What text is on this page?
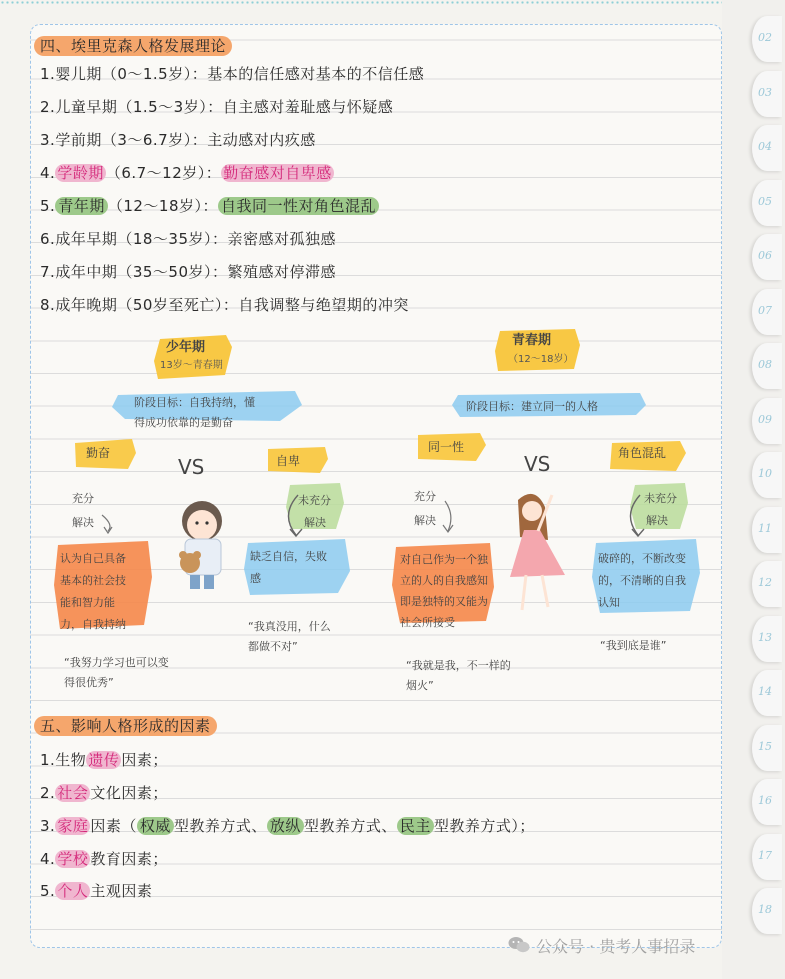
02
03
04
05
06
07
08
09
10
11
12
13
14
15
16
17
18
四、埃里克森人格发展理论
1.婴儿期（0～1.5岁）：基本的信任感对基本的不信任感
2.儿童早期（1.5～3岁）：自主感对羞耻感与怀疑感
3.学前期（3～6.7岁）：主动感对内疚感
4. 学龄期 （6.7～12岁）： 勤奋感对自卑感
5. 青年期 （12～18岁）： 自我同一性对角色混乱
6.成年早期（18～35岁）：亲密感对孤独感
7.成年中期（35～50岁）：繁殖感对停滞感
8.成年晚期（50岁至死亡）：自我调整与绝望期的冲突
少年期
13岁～青春期
阶段目标：自我持纳，懂
得成功依靠的是勤奋
勤奋
VS	自卑
充分
解决
未充分
解决
认为自己具备
基本的社会技
能和智力能
力，自我持纳
缺乏自信，失败
感
“我努力学习也可以变
得很优秀”
“我真没用，什么
都做不对”
青春期
（12～18岁）
阶段目标：建立同一的人格
同一性
VS	角色混乱
充分
解决
未充分
解决
对自己作为一个独
立的人的自我感知
即是独特的又能为
社会所接受
破碎的，不断改变
的，不清晰的自我
认知
“我就是我，不一样的
烟火”
“我到底是谁”
五、影响人格形成的因素
1.生物 遗传 因素；
2. 社会 文化因素；
3. 家庭 因素（ 权威 型教养方式、 放纵 型教养方式、 民主 型教养方式）；
4. 学校 教育因素；
5. 个人 主观因素
公众号 · 贵考人事招录
